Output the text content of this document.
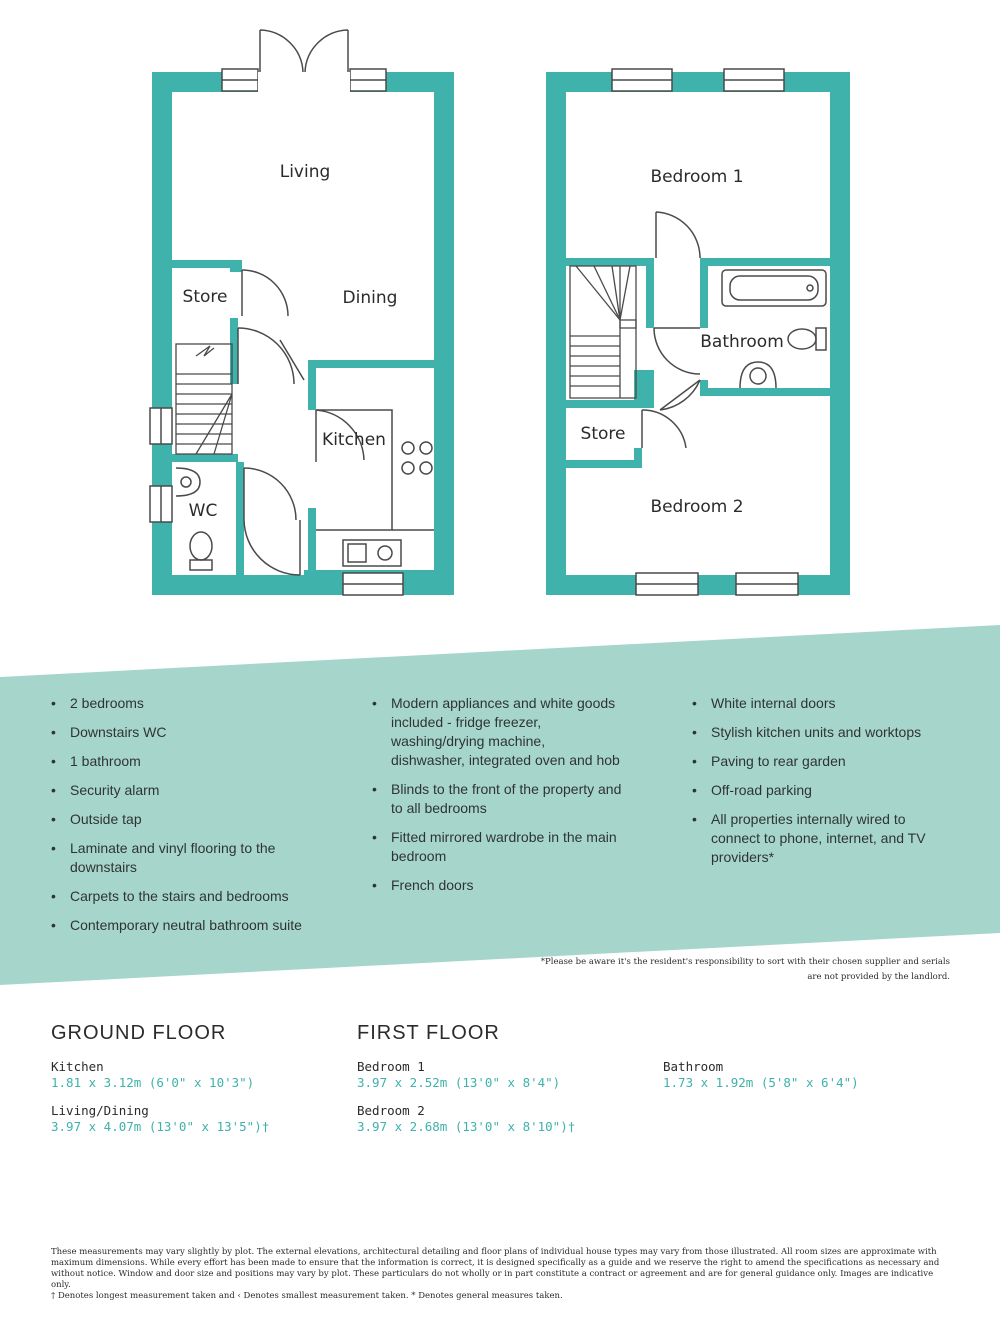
Living
Dining
Store
Kitchen
WC
Bedroom 1
Bathroom
Store
Bedroom 2
• 2 bedrooms
• Downstairs WC
• 1 bathroom
• Security alarm
• Outside tap
• Laminate and vinyl flooring to the downstairs
• Carpets to the stairs and bedrooms
• Contemporary neutral bathroom suite
• Modern appliances and white goods included - fridge freezer, washing/drying machine, dishwasher, integrated oven and hob
• Blinds to the front of the property and to all bedrooms
• Fitted mirrored wardrobe in the main bedroom
• French doors
• White internal doors
• Stylish kitchen units and worktops
• Paving to rear garden
• Off-road parking
• All properties internally wired to connect to phone, internet, and TV providers*
*Please be aware it's the resident's responsibility to sort with their chosen supplier and serials are not provided by the landlord.
GROUND FLOOR	FIRST FLOOR
Kitchen
1.81 x 3.12m (6'0" x 10'3")
Living/Dining
3.97 x 4.07m (13'0" x 13'5")†
Bedroom 1
3.97 x 2.52m (13'0" x 8'4")
Bedroom 2
3.97 x 2.68m (13'0" x 8'10")†
Bathroom
1.73 x 1.92m (5'8" x 6'4")

These measurements may vary slightly by plot. The external elevations, architectural detailing and floor plans of individual house types may vary from those illustrated. All room sizes are approximate with maximum dimensions. While every effort has been made to ensure that the information is correct, it is designed specifically as a guide and we reserve the right to amend the specifications as necessary and without notice. Window and door size and positions may vary by plot. These particulars do not wholly or in part constitute a contract or agreement and are for general guidance only. Images are indicative only.

† Denotes longest measurement taken and ‹ Denotes smallest measurement taken. * Denotes general measures taken.
